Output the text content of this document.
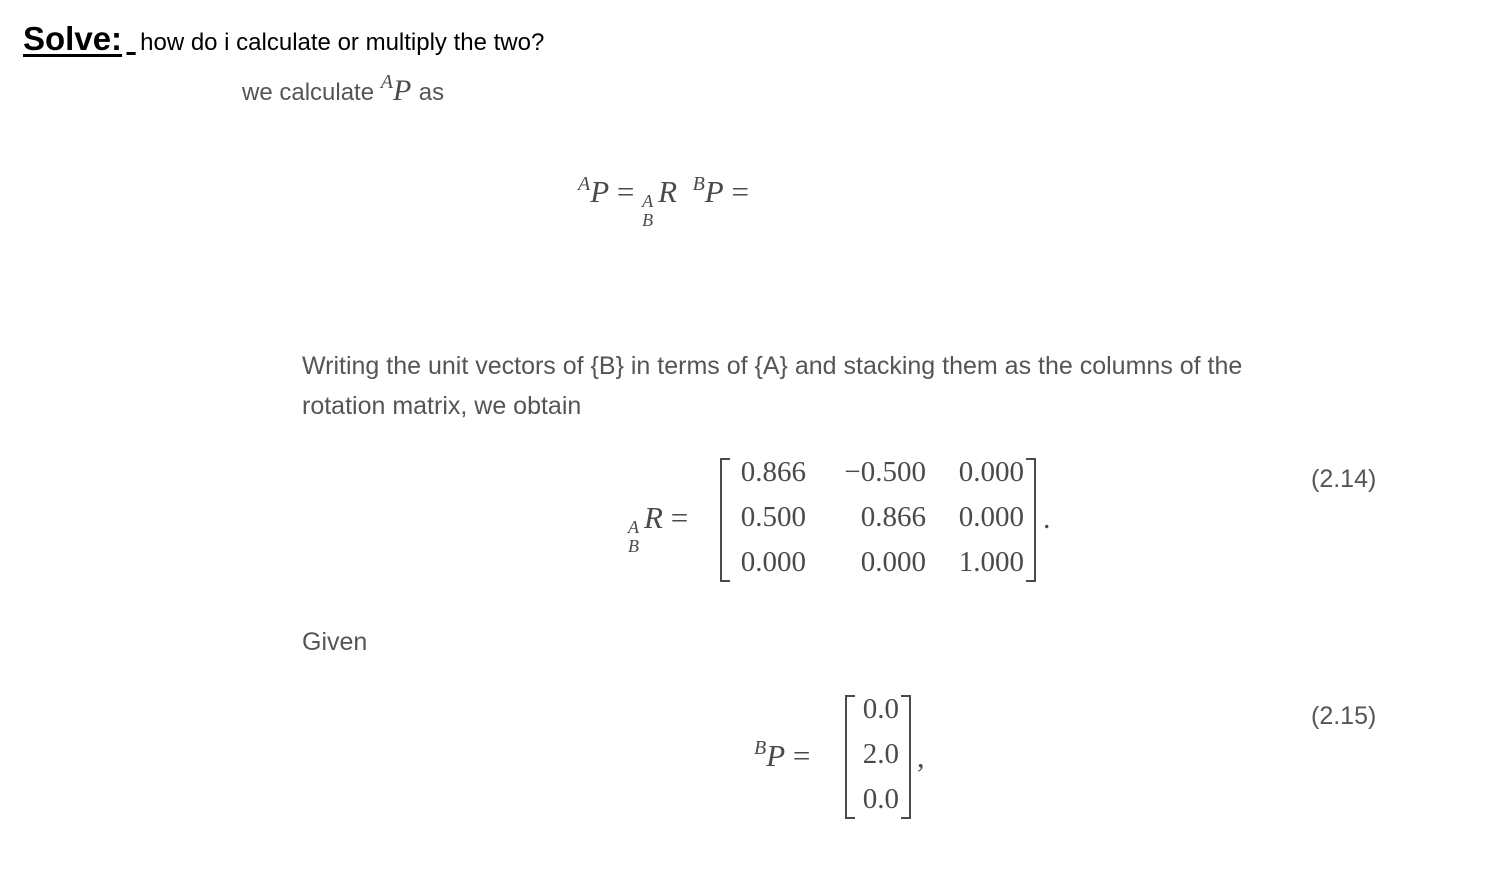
Solve: how do i calculate or multiply the two?
we calculate $^A$P as
$^A$P = A
B
R $^B$P =
Writing the unit vectors of {B} in terms of {A} and stacking them as the columns of the
rotation matrix, we obtain
A
B
R =
0.866 −0.500 0.000
0.500 0.866 0.000
0.000 0.000 1.000
.
(2.14)
Given
$^B$P =
0.0
2.0
0.0
,
(2.15)
